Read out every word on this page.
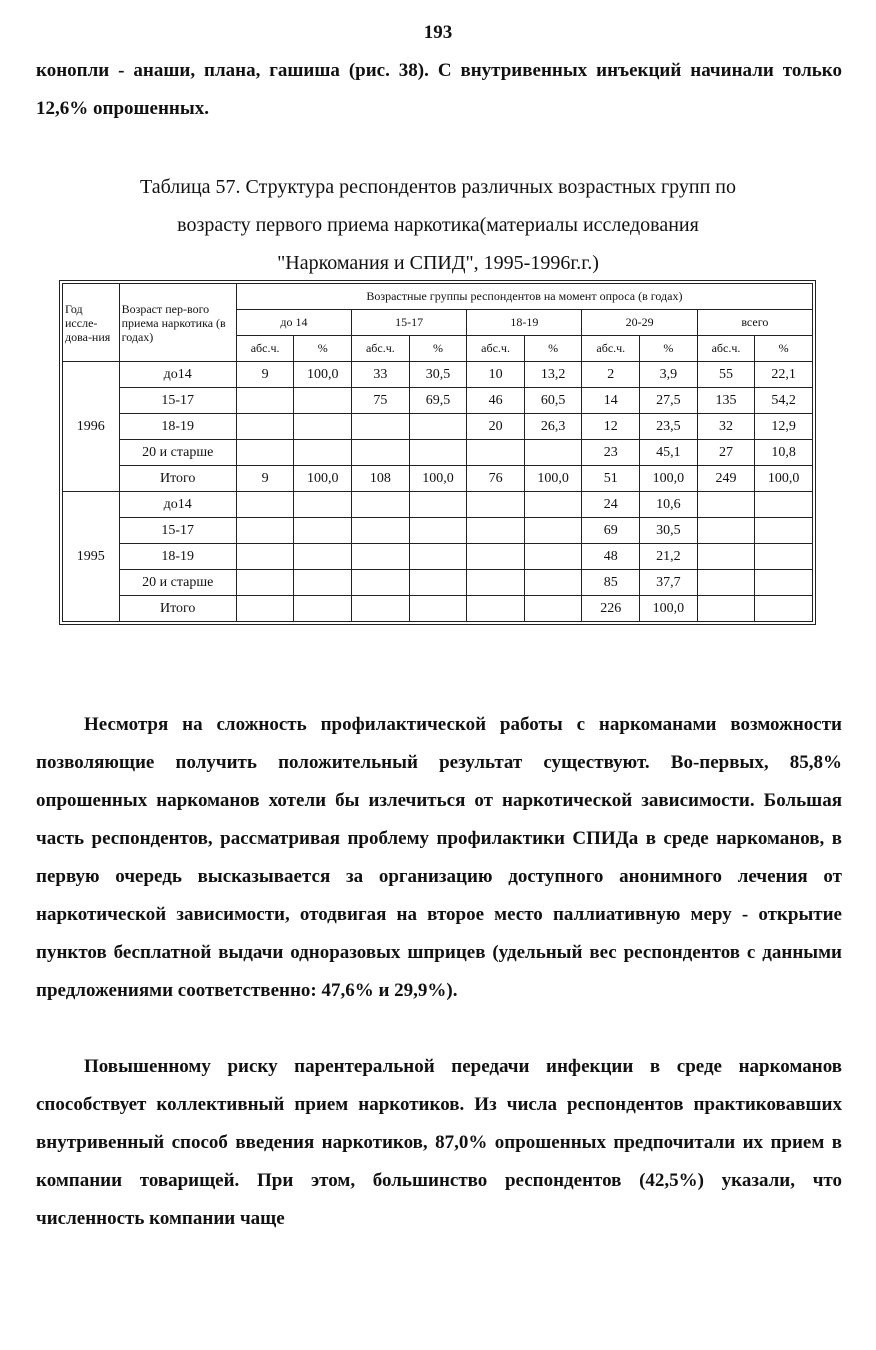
193

конопли - анаши, плана, гашиша (рис. 38). С внутривенных инъекций начинали только 12,6% опрошенных.

Таблица 57. Структура респондентов различных возрастных групп по
возрасту первого приема наркотика(материалы исследования
"Наркомания и СПИД", 1995-1996г.г.)
Год иссле-дова-ния	Возраст пер-вого приема наркотика (в годах)	Возрастные группы респондентов на момент опроса (в годах)									
		до 14		15-17		18-19		20-29		всего	
		абс.ч.	%	абс.ч.	%	абс.ч.	%	абс.ч.	%	абс.ч.	%
1996	до14	9	100,0	33	30,5	10	13,2	2	3,9	55	22,1
	15-17			75	69,5	46	60,5	14	27,5	135	54,2
	18-19					20	26,3	12	23,5	32	12,9
	20 и старше							23	45,1	27	10,8
	Итого	9	100,0	108	100,0	76	100,0	51	100,0	249	100,0
1995	до14							24	10,6		
	15-17							69	30,5		
	18-19							48	21,2		
	20 и старше							85	37,7		
	Итого							226	100,0		

Несмотря на сложность профилактической работы с наркоманами возможности позволяющие получить положительный результат существуют. Во-первых, 85,8% опрошенных наркоманов хотели бы излечиться от наркотической зависимости. Большая часть респондентов, рассматривая проблему профилактики СПИДа в среде наркоманов, в первую очередь высказывается за организацию доступного анонимного лечения от наркотической зависимости, отодвигая на второе место паллиативную меру - открытие пунктов бесплатной выдачи одноразовых шприцев (удельный вес респондентов с данными предложениями соответственно: 47,6% и 29,9%).

Повышенному риску парентеральной передачи инфекции в среде наркоманов способствует коллективный прием наркотиков. Из числа респондентов практиковавших внутривенный способ введения наркотиков, 87,0% опрошенных предпочитали их прием в компании товарищей. При этом, большинство респондентов (42,5%) указали, что численность компании чаще
